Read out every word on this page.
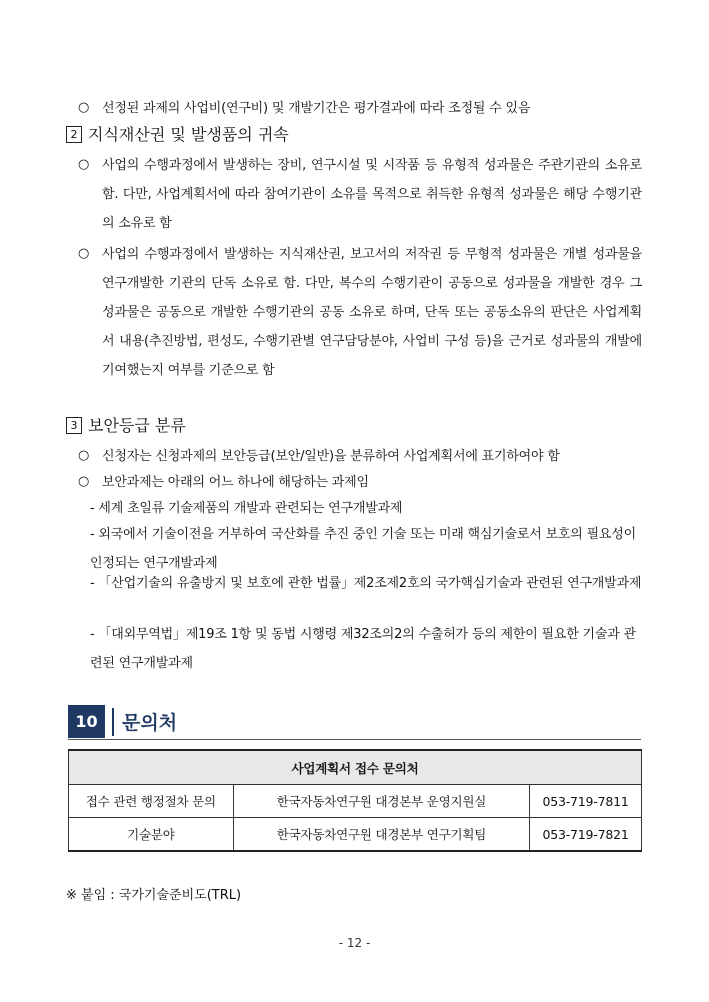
○ 선정된 과제의 사업비(연구비) 및 개발기간은 평가결과에 따라 조정될 수 있음
2 지식재산권 및 발생품의 귀속
○ 사업의 수행과정에서 발생하는 장비, 연구시설 및 시작품 등 유형적 성과물은 주관기관의 소유로 함. 다만, 사업계획서에 따라 참여기관이 소유를 목적으로 취득한 유형적 성과물은 해당 수행기관의 소유로 함
○ 사업의 수행과정에서 발생하는 지식재산권, 보고서의 저작권 등 무형적 성과물은 개별 성과물을 연구개발한 기관의 단독 소유로 함. 다만, 복수의 수행기관이 공동으로 성과물을 개발한 경우 그 성과물은 공동으로 개발한 수행기관의 공동 소유로 하며, 단독 또는 공동소유의 판단은 사업계획서 내용(추진방법, 편성도, 수행기관별 연구담당분야, 사업비 구성 등)을 근거로 성과물의 개발에 기여했는지 여부를 기준으로 함
3 보안등급 분류
○ 신청자는 신청과제의 보안등급(보안/일반)을 분류하여 사업계획서에 표기하여야 함
○ 보안과제는 아래의 어느 하나에 해당하는 과제임
- 세계 초일류 기술제품의 개발과 관련되는 연구개발과제
- 외국에서 기술이전을 거부하여 국산화를 추진 중인 기술 또는 미래 핵심기술로서 보호의 필요성이 인정되는 연구개발과제
- 「산업기술의 유출방지 및 보호에 관한 법률」제2조제2호의 국가핵심기술과 관련된 연구개발과제
- 「대외무역법」제19조 1항 및 동법 시행령 제32조의2의 수출허가 등의 제한이 필요한 기술과 관련된 연구개발과제
10	문의처
사업계획서 접수 문의처		
접수 관련 행정절차 문의	한국자동차연구원 대경본부 운영지원실	053-719-7811
기술분야	한국자동차연구원 대경본부 연구기획팀	053-719-7821
※ 붙임 : 국가기술준비도(TRL)
- 12 -
